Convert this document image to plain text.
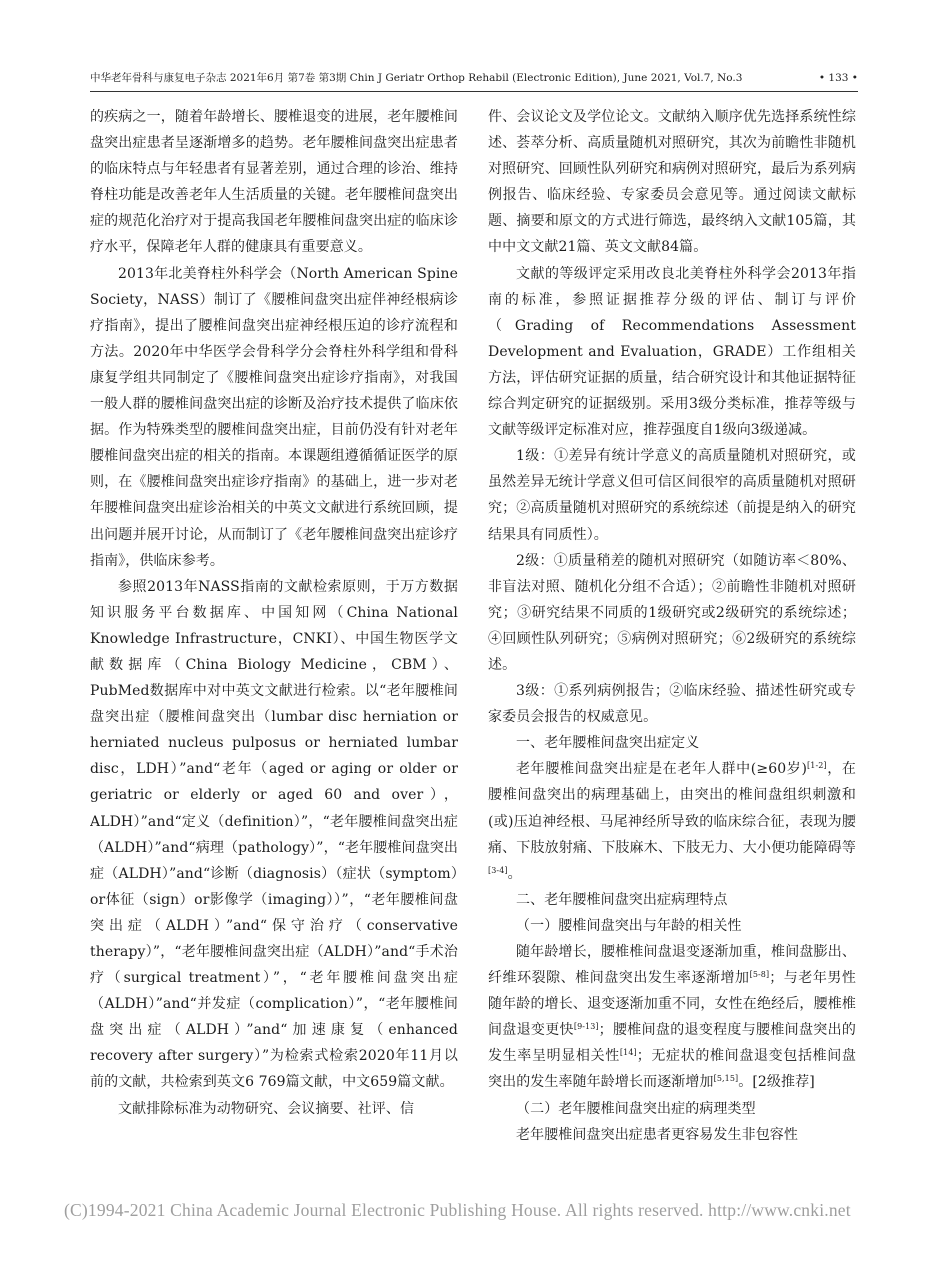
中华老年骨科与康复电子杂志 2021年6月 第7卷 第3期 Chin J Geriatr Orthop Rehabil (Electronic Edition), June 2021, Vol.7, No.3	• 133 •

的疾病之一，随着年龄增长、腰椎退变的进展，老年腰椎间盘突出症患者呈逐渐增多的趋势。老年腰椎间盘突出症患者的临床特点与年轻患者有显著差别，通过合理的诊治、维持脊柱功能是改善老年人生活质量的关键。老年腰椎间盘突出症的规范化治疗对于提高我国老年腰椎间盘突出症的临床诊疗水平，保障老年人群的健康具有重要意义。

2013年北美脊柱外科学会（North American Spine Society，NASS）制订了《腰椎间盘突出症伴神经根病诊疗指南》，提出了腰椎间盘突出症神经根压迫的诊疗流程和方法。2020年中华医学会骨科学分会脊柱外科学组和骨科康复学组共同制定了《腰椎间盘突出症诊疗指南》，对我国一般人群的腰椎间盘突出症的诊断及治疗技术提供了临床依据。作为特殊类型的腰椎间盘突出症，目前仍没有针对老年腰椎间盘突出症的相关的指南。本课题组遵循循证医学的原则，在《腰椎间盘突出症诊疗指南》的基础上，进一步对老年腰椎间盘突出症诊治相关的中英文文献进行系统回顾，提出问题并展开讨论，从而制订了《老年腰椎间盘突出症诊疗指南》，供临床参考。

参照2013年NASS指南的文献检索原则，于万方数据知识服务平台数据库、中国知网（China National Knowledge Infrastructure，CNKI）、中国生物医学文献数据库（China Biology Medicine，CBM）、PubMed数据库中对中英文文献进行检索。以“老年腰椎间盘突出症（腰椎间盘突出（lumbar disc herniation or herniated nucleus pulposus or herniated lumbar disc，LDH）”and“老年（aged or aging or older or geriatric or elderly or aged 60 and over），ALDH）”and“定义（definition）”，“老年腰椎间盘突出症（ALDH）”and“病理（pathology）”，“老年腰椎间盘突出症（ALDH）”and“诊断（diagnosis）（症状（symptom）or体征（sign）or影像学（imaging））”，“老年腰椎间盘突出症（ALDH）”and“保守治疗（conservative therapy）”，“老年腰椎间盘突出症（ALDH）”and“手术治疗（surgical treatment）”，“老年腰椎间盘突出症（ALDH）”and“并发症（complication）”，“老年腰椎间盘突出症（ALDH）”and“加速康复（enhanced recovery after surgery）”为检索式检索2020年11月以前的文献，共检索到英文6 769篇文献，中文659篇文献。

文献排除标准为动物研究、会议摘要、社评、信

件、会议论文及学位论文。文献纳入顺序优先选择系统性综述、荟萃分析、高质量随机对照研究，其次为前瞻性非随机对照研究、回顾性队列研究和病例对照研究，最后为系列病例报告、临床经验、专家委员会意见等。通过阅读文献标题、摘要和原文的方式进行筛选，最终纳入文献105篇，其中中文文献21篇、英文文献84篇。

文献的等级评定采用改良北美脊柱外科学会2013年指南的标准，参照证据推荐分级的评估、制订与评价（Grading of Recommendations Assessment Development and Evaluation，GRADE）工作组相关方法，评估研究证据的质量，结合研究设计和其他证据特征综合判定研究的证据级别。采用3级分类标准，推荐等级与文献等级评定标准对应，推荐强度自1级向3级递减。

1级：①差异有统计学意义的高质量随机对照研究，或虽然差异无统计学意义但可信区间很窄的高质量随机对照研究；②高质量随机对照研究的系统综述（前提是纳入的研究结果具有同质性）。

2级：①质量稍差的随机对照研究（如随访率＜80%、非盲法对照、随机化分组不合适）；②前瞻性非随机对照研究；③研究结果不同质的1级研究或2级研究的系统综述；④回顾性队列研究；⑤病例对照研究；⑥2级研究的系统综述。

3级：①系列病例报告；②临床经验、描述性研究或专家委员会报告的权威意见。

一、老年腰椎间盘突出症定义

老年腰椎间盘突出症是在老年人群中(≥60岁)[1-2]，在腰椎间盘突出的病理基础上，由突出的椎间盘组织刺激和(或)压迫神经根、马尾神经所导致的临床综合征，表现为腰痛、下肢放射痛、下肢麻木、下肢无力、大小便功能障碍等[3-4]。

二、老年腰椎间盘突出症病理特点

（一）腰椎间盘突出与年龄的相关性

随年龄增长，腰椎椎间盘退变逐渐加重，椎间盘膨出、纤维环裂隙、椎间盘突出发生率逐渐增加[5-8]；与老年男性随年龄的增长、退变逐渐加重不同，女性在绝经后，腰椎椎间盘退变更快[9-13]；腰椎间盘的退变程度与腰椎间盘突出的发生率呈明显相关性[14]；无症状的椎间盘退变包括椎间盘突出的发生率随年龄增长而逐渐增加[5,15]。[2级推荐]

（二）老年腰椎间盘突出症的病理类型

老年腰椎间盘突出症患者更容易发生非包容性

(C)1994-2021 China Academic Journal Electronic Publishing House. All rights reserved. http://www.cnki.net
